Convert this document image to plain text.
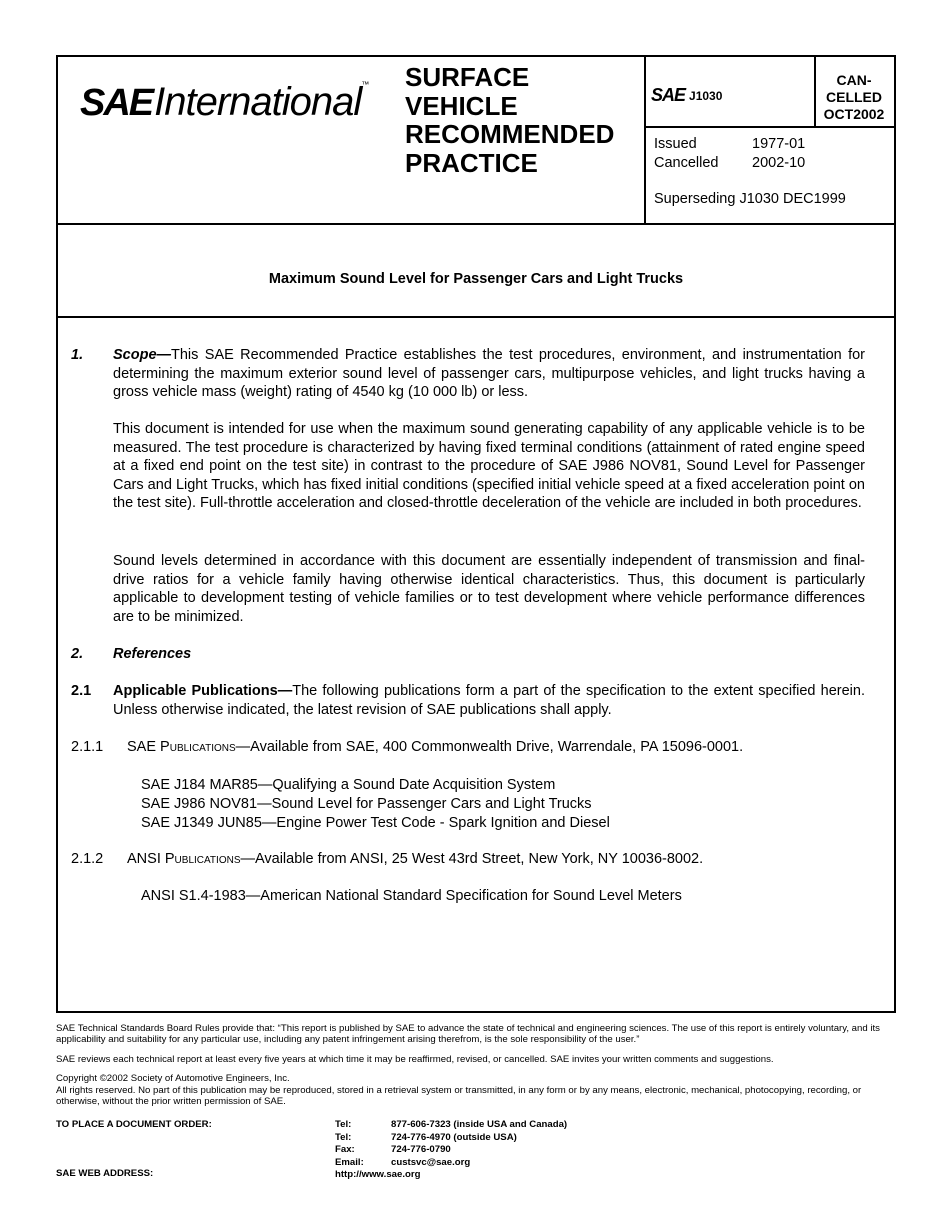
SAE International ™ SURFACE
VEHICLE
RECOMMENDED
PRACTICE
SAE J1030
CAN-
CELLED
OCT2002
Issued	1977-01
Cancelled	2002-10
Superseding J1030 DEC1999
Maximum Sound Level for Passenger Cars and Light Trucks
1. Scope—This SAE Recommended Practice establishes the test procedures, environment, and instrumentation for determining the maximum exterior sound level of passenger cars, multipurpose vehicles, and light trucks having a gross vehicle mass (weight) rating of 4540 kg (10 000 lb) or less.
This document is intended for use when the maximum sound generating capability of any applicable vehicle is to be measured. The test procedure is characterized by having fixed terminal conditions (attainment of rated engine speed at a fixed end point on the test site) in contrast to the procedure of SAE J986 NOV81, Sound Level for Passenger Cars and Light Trucks, which has fixed initial conditions (specified initial vehicle speed at a fixed acceleration point on the test site). Full-throttle acceleration and closed-throttle deceleration of the vehicle are included in both procedures.
Sound levels determined in accordance with this document are essentially independent of transmission and final-drive ratios for a vehicle family having otherwise identical characteristics. Thus, this document is particularly applicable to development testing of vehicle families or to test development where vehicle performance differences are to be minimized.
2. References
2.1 Applicable Publications—The following publications form a part of the specification to the extent specified herein. Unless otherwise indicated, the latest revision of SAE publications shall apply.
2.1.1 SAE Publications—Available from SAE, 400 Commonwealth Drive, Warrendale, PA 15096-0001.
SAE J184 MAR85—Qualifying a Sound Date Acquisition System
SAE J986 NOV81—Sound Level for Passenger Cars and Light Trucks
SAE J1349 JUN85—Engine Power Test Code - Spark Ignition and Diesel
2.1.2 ANSI Publications—Available from ANSI, 25 West 43rd Street, New York, NY 10036-8002.
ANSI S1.4-1983—American National Standard Specification for Sound Level Meters
SAE Technical Standards Board Rules provide that: “This report is published by SAE to advance the state of technical and engineering sciences. The use of this report is entirely voluntary, and its applicability and suitability for any particular use, including any patent infringement arising therefrom, is the sole responsibility of the user.”
SAE reviews each technical report at least every five years at which time it may be reaffirmed, revised, or cancelled. SAE invites your written comments and suggestions.
Copyright ©2002 Society of Automotive Engineers, Inc.
All rights reserved. No part of this publication may be reproduced, stored in a retrieval system or transmitted, in any form or by any means, electronic, mechanical, photocopying, recording, or otherwise, without the prior written permission of SAE.
TO PLACE A DOCUMENT ORDER:
SAE WEB ADDRESS:
Tel:
Tel:
Fax:
Email:
http://www.sae.org
877-606-7323 (inside USA and Canada)
724-776-4970 (outside USA)
724-776-0790
custsvc@sae.org
